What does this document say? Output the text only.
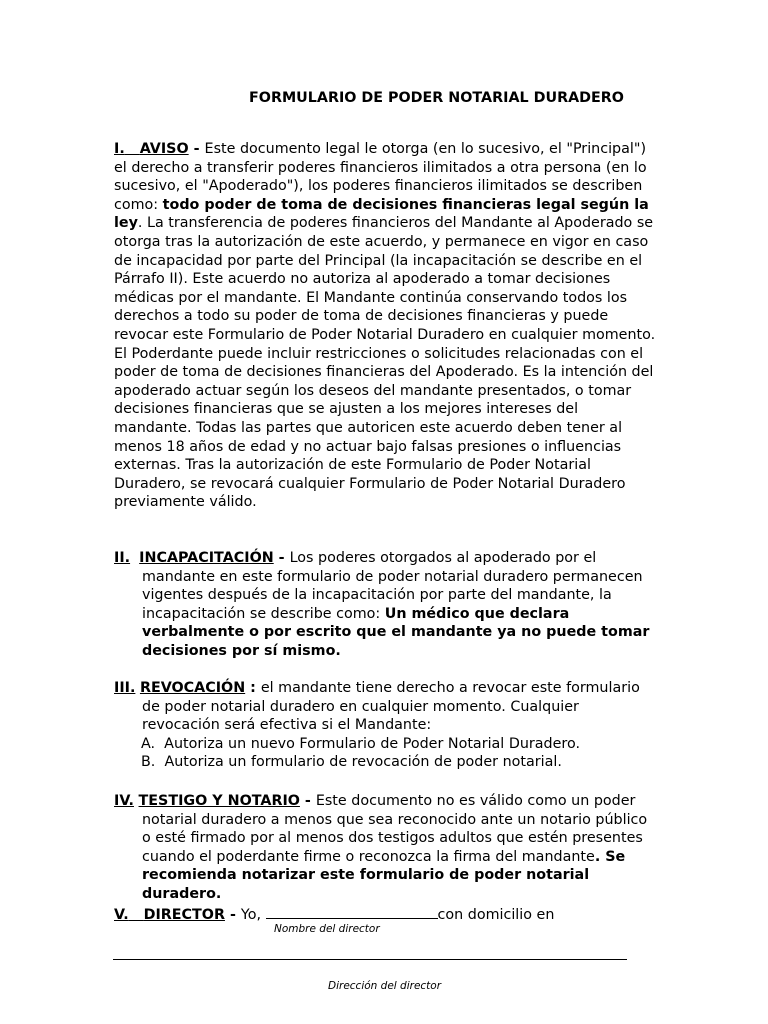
FORMULARIO DE PODER NOTARIAL DURADERO

I. AVISO - Este documento legal le otorga (en lo sucesivo, el "Principal") el derecho a transferir poderes financieros ilimitados a otra persona (en lo sucesivo, el "Apoderado"), los poderes financieros ilimitados se describen como: todo poder de toma de decisiones financieras legal según la ley. La transferencia de poderes financieros del Mandante al Apoderado se otorga tras la autorización de este acuerdo, y permanece en vigor en caso de incapacidad por parte del Principal (la incapacitación se describe en el Párrafo II). Este acuerdo no autoriza al apoderado a tomar decisiones médicas por el mandante. El Mandante continúa conservando todos los derechos a todo su poder de toma de decisiones financieras y puede revocar este Formulario de Poder Notarial Duradero en cualquier momento. El Poderdante puede incluir restricciones o solicitudes relacionadas con el poder de toma de decisiones financieras del Apoderado. Es la intención del apoderado actuar según los deseos del mandante presentados, o tomar decisiones financieras que se ajusten a los mejores intereses del mandante. Todas las partes que autoricen este acuerdo deben tener al menos 18 años de edad y no actuar bajo falsas presiones o influencias externas. Tras la autorización de este Formulario de Poder Notarial Duradero, se revocará cualquier Formulario de Poder Notarial Duradero previamente válido.

II. INCAPACITACIÓN - Los poderes otorgados al apoderado por el mandante en este formulario de poder notarial duradero permanecen vigentes después de la incapacitación por parte del mandante, la incapacitación se describe como: Un médico que declara verbalmente o por escrito que el mandante ya no puede tomar decisiones por sí mismo.

III. REVOCACIÓN : el mandante tiene derecho a revocar este formulario de poder notarial duradero en cualquier momento. Cualquier revocación será efectiva si el Mandante:

A. Autoriza un nuevo Formulario de Poder Notarial Duradero.
B. Autoriza un formulario de revocación de poder notarial.

IV. TESTIGO Y NOTARIO - Este documento no es válido como un poder notarial duradero a menos que sea reconocido ante un notario público o esté firmado por al menos dos testigos adultos que estén presentes cuando el poderdante firme o reconozca la firma del mandante. Se recomienda notarizar este formulario de poder notarial duradero.

V. DIRECTOR - Yo,	con domicilio en

Nombre del director
Dirección del director
